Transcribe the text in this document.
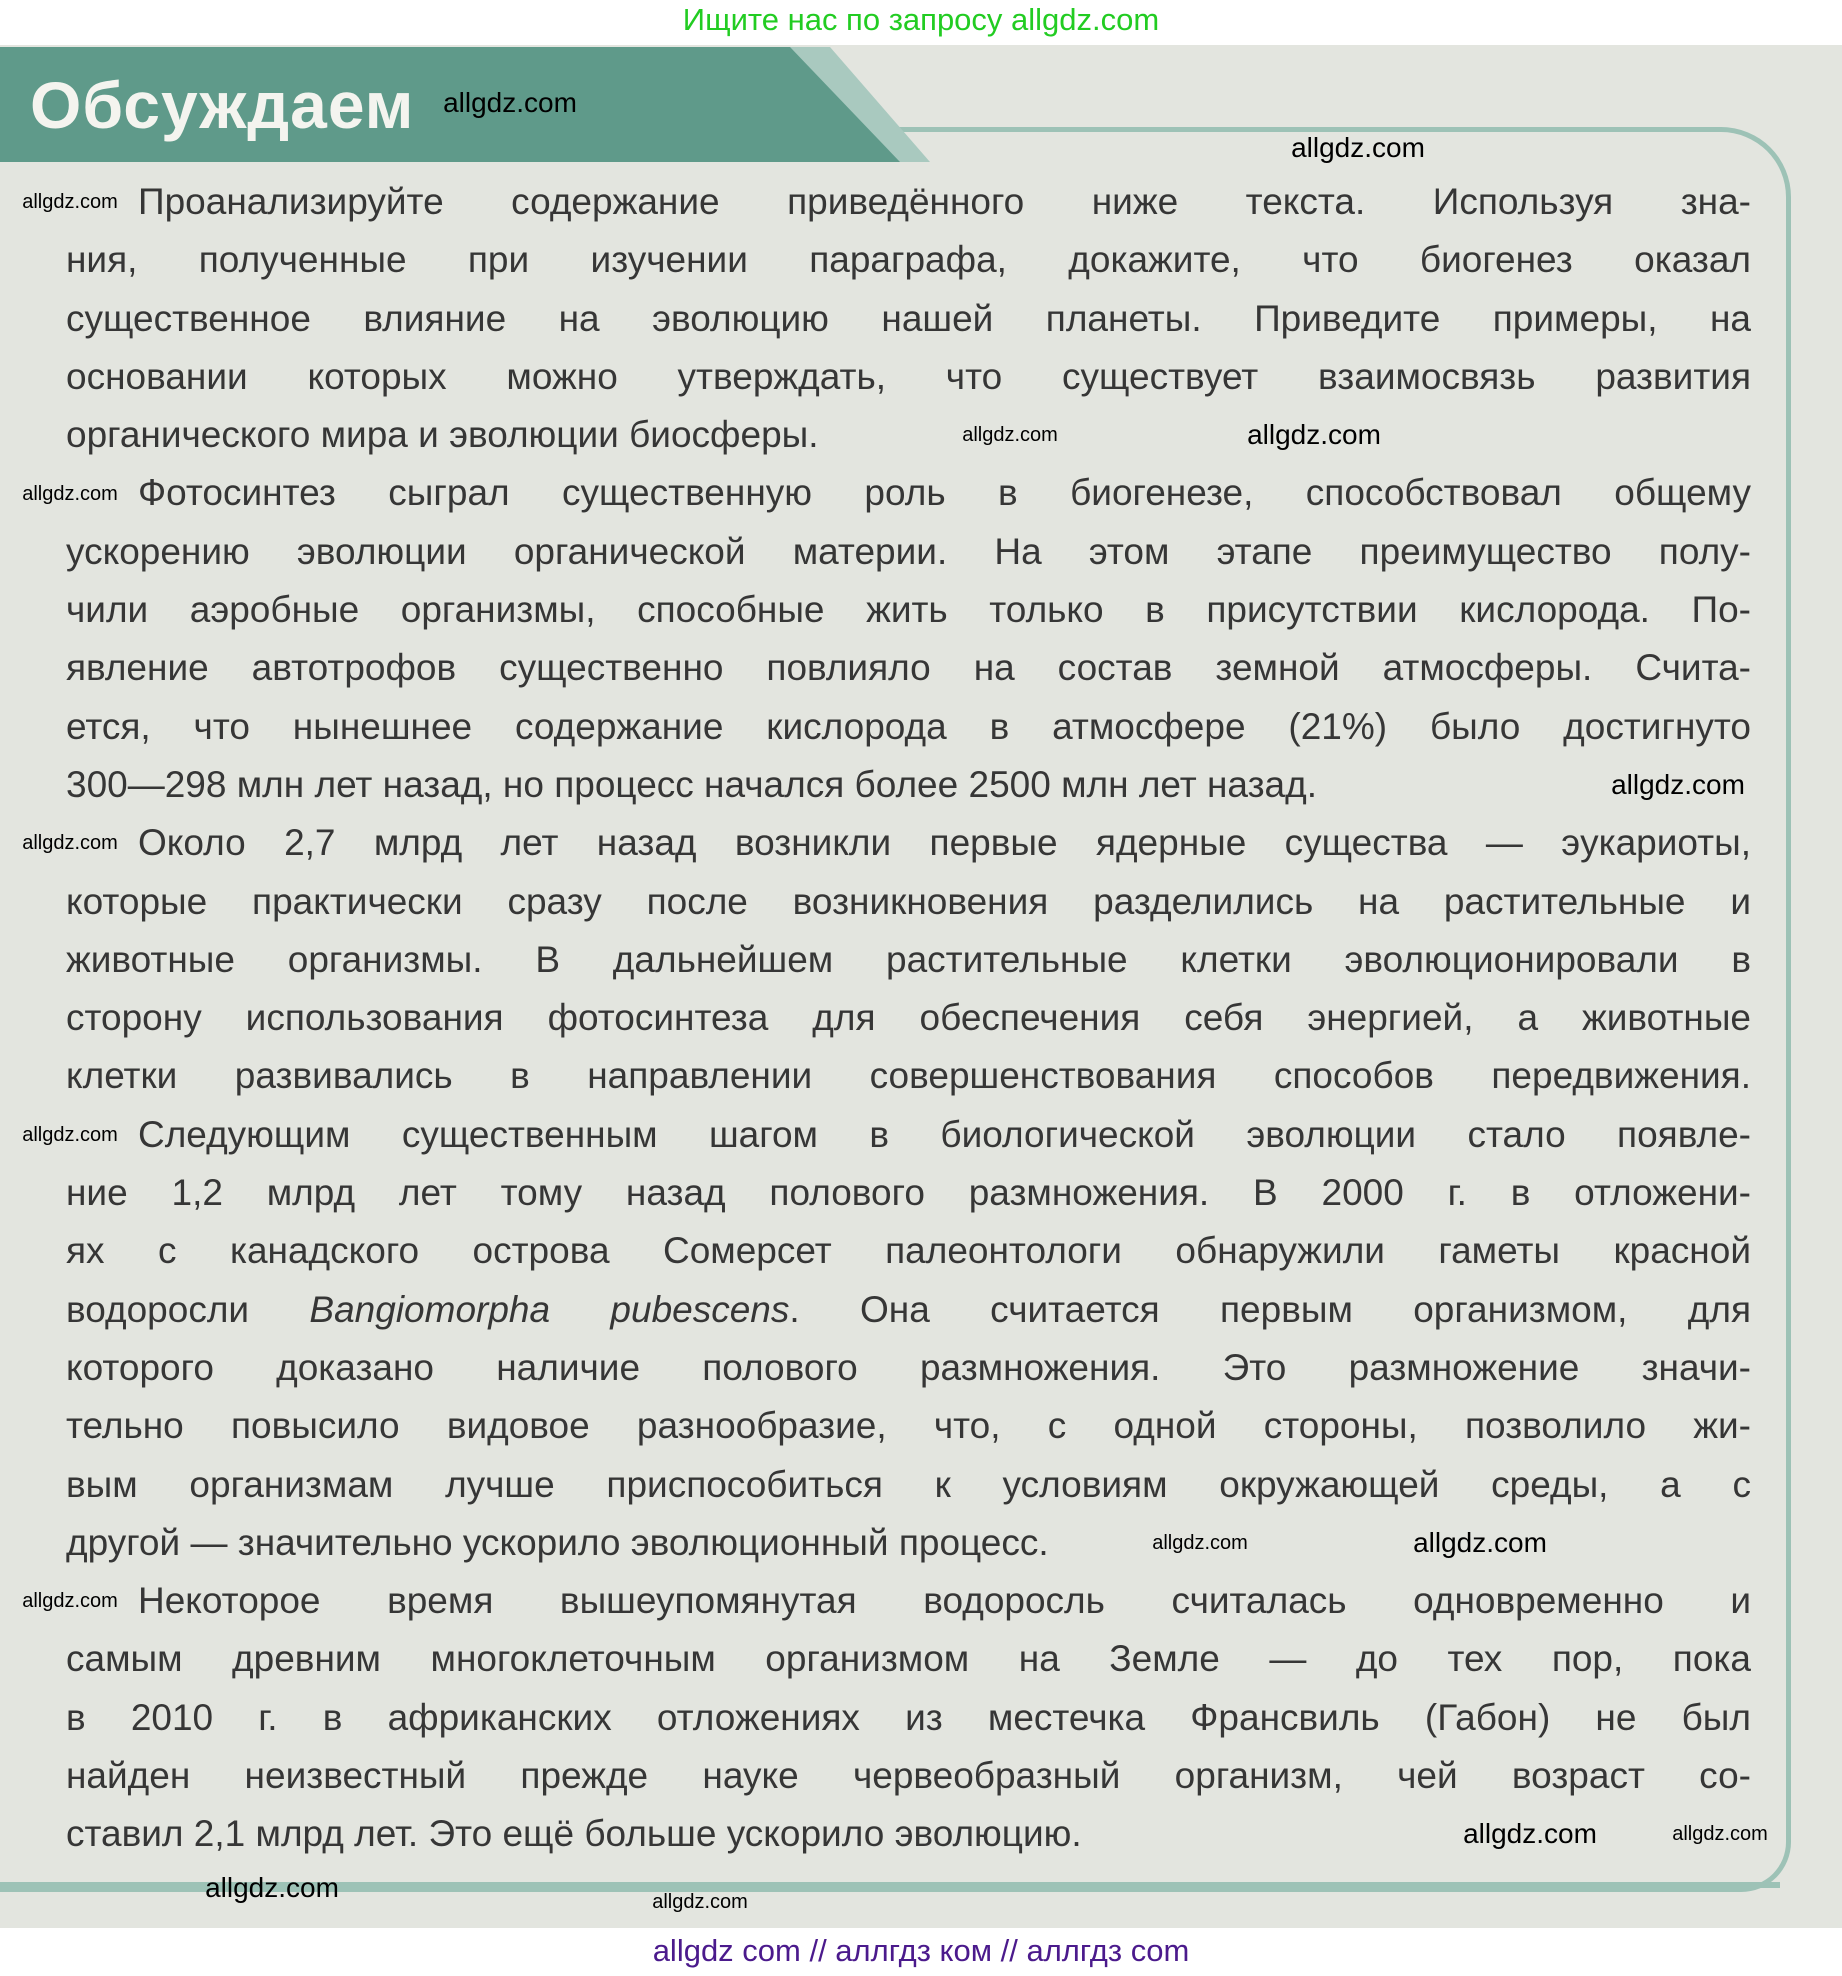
Ищите нас по запросу allgdz.com
Обсуждаем
Проанализируйте содержание приведённого ниже текста. Используя зна-
ния, полученные при изучении параграфа, докажите, что биогенез оказал
существенное влияние на эволюцию нашей планеты. Приведите примеры, на
основании которых можно утверждать, что существует взаимосвязь развития
органического мира и эволюции биосферы.
Фотосинтез сыграл существенную роль в биогенезе, способствовал общему
ускорению эволюции органической материи. На этом этапе преимущество полу-
чили аэробные организмы, способные жить только в присутствии кислорода. По-
явление автотрофов существенно повлияло на состав земной атмосферы. Счита-
ется, что нынешнее содержание кислорода в атмосфере (21%) было достигнуто
300—298 млн лет назад, но процесс начался более 2500 млн лет назад.
Около 2,7 млрд лет назад возникли первые ядерные существа — эукариоты,
которые практически сразу после возникновения разделились на растительные и
животные организмы. В дальнейшем растительные клетки эволюционировали в
сторону использования фотосинтеза для обеспечения себя энергией, а животные
клетки развивались в направлении совершенствования способов передвижения.
Следующим существенным шагом в биологической эволюции стало появле-
ние 1,2 млрд лет тому назад полового размножения. В 2000 г. в отложени-
ях с канадского острова Сомерсет палеонтологи обнаружили гаметы красной
водоросли Bangiomorpha pubescens. Она считается первым организмом, для
которого доказано наличие полового размножения. Это размножение значи-
тельно повысило видовое разнообразие, что, с одной стороны, позволило жи-
вым организмам лучше приспособиться к условиям окружающей среды, а с
другой — значительно ускорило эволюционный процесс.
Некоторое время вышеупомянутая водоросль считалась одновременно и
самым древним многоклеточным организмом на Земле — до тех пор, пока
в 2010 г. в африканских отложениях из местечка Франсвиль (Габон) не был
найден неизвестный прежде науке червеобразный организм, чей возраст со-
ставил 2,1 млрд лет. Это ещё больше ускорило эволюцию.
allgdz.com
allgdz.com
allgdz.com
allgdz.com
allgdz.com
allgdz.com
allgdz.com
allgdz.com
allgdz.com
allgdz.com
allgdz.com
allgdz.com
allgdz.com
allgdz.com
allgdz.com
allgdz.com
allgdz com // аллгдз ком // аллгдз com
